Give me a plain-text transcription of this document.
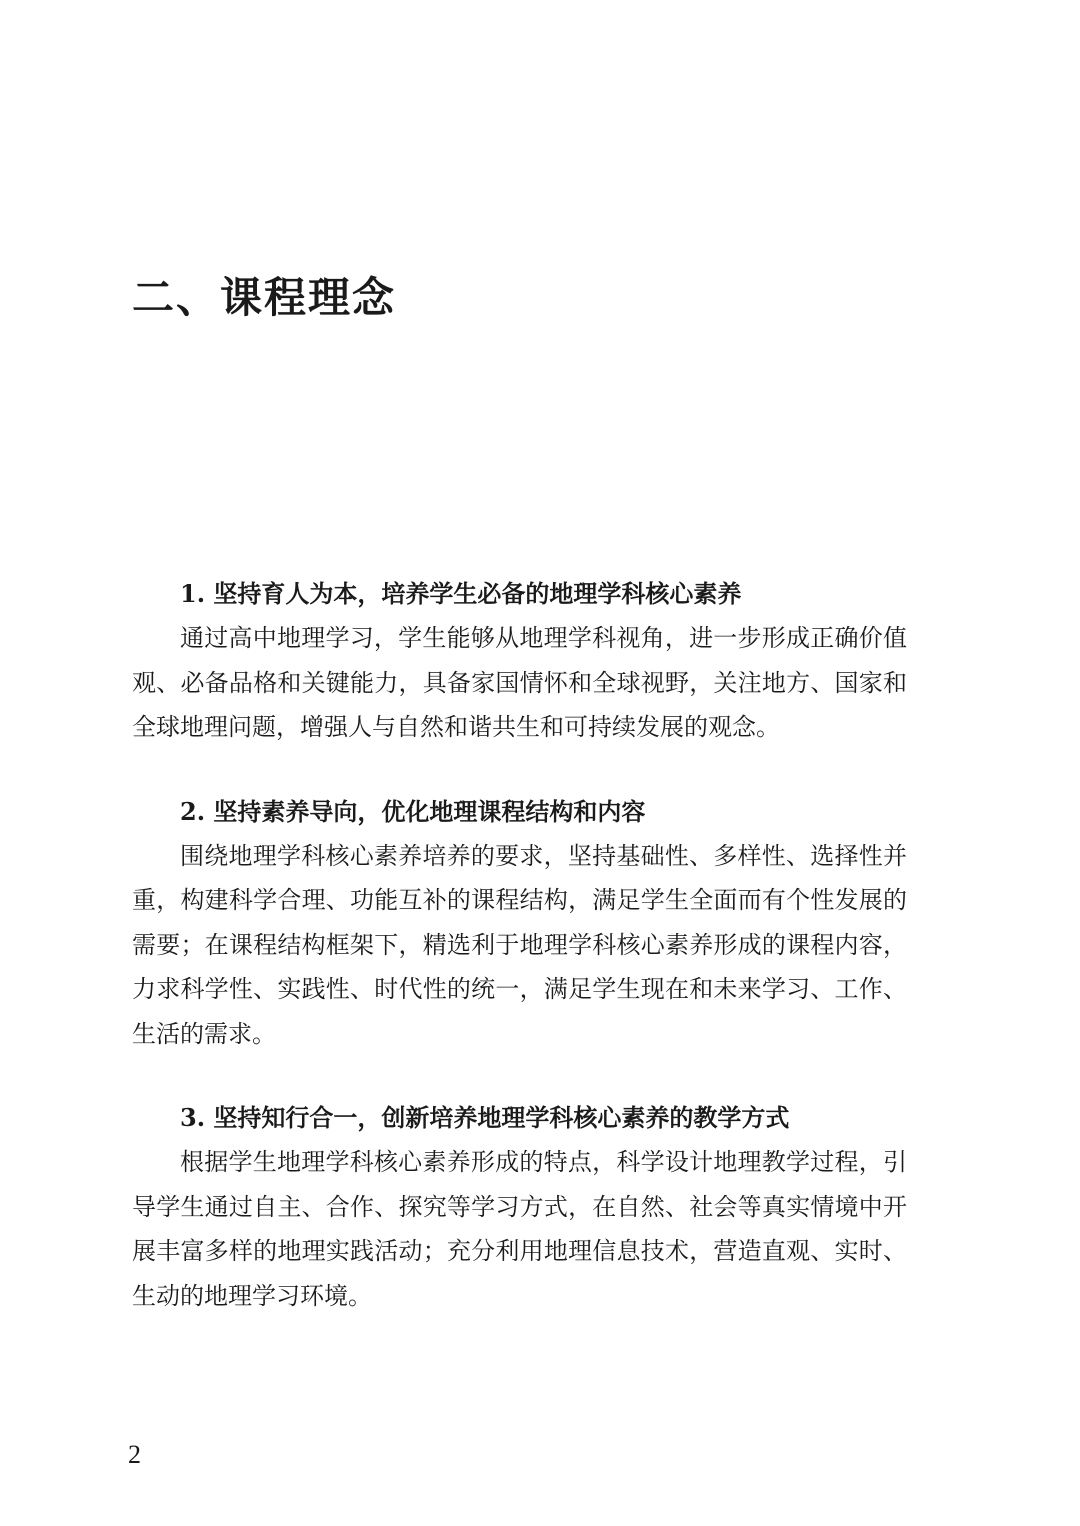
二、课程理念

1. 坚持育人为本，培养学生必备的地理学科核心素养

通过高中地理学习，学生能够从地理学科视角，进一步形成正确价值观、必备品格和关键能力，具备家国情怀和全球视野，关注地方、国家和全球地理问题，增强人与自然和谐共生和可持续发展的观念。

2. 坚持素养导向，优化地理课程结构和内容

围绕地理学科核心素养培养的要求，坚持基础性、多样性、选择性并重，构建科学合理、功能互补的课程结构，满足学生全面而有个性发展的需要；在课程结构框架下，精选利于地理学科核心素养形成的课程内容，力求科学性、实践性、时代性的统一，满足学生现在和未来学习、工作、生活的需求。

3. 坚持知行合一，创新培养地理学科核心素养的教学方式

根据学生地理学科核心素养形成的特点，科学设计地理教学过程，引导学生通过自主、合作、探究等学习方式，在自然、社会等真实情境中开展丰富多样的地理实践活动；充分利用地理信息技术，营造直观、实时、生动的地理学习环境。

2
